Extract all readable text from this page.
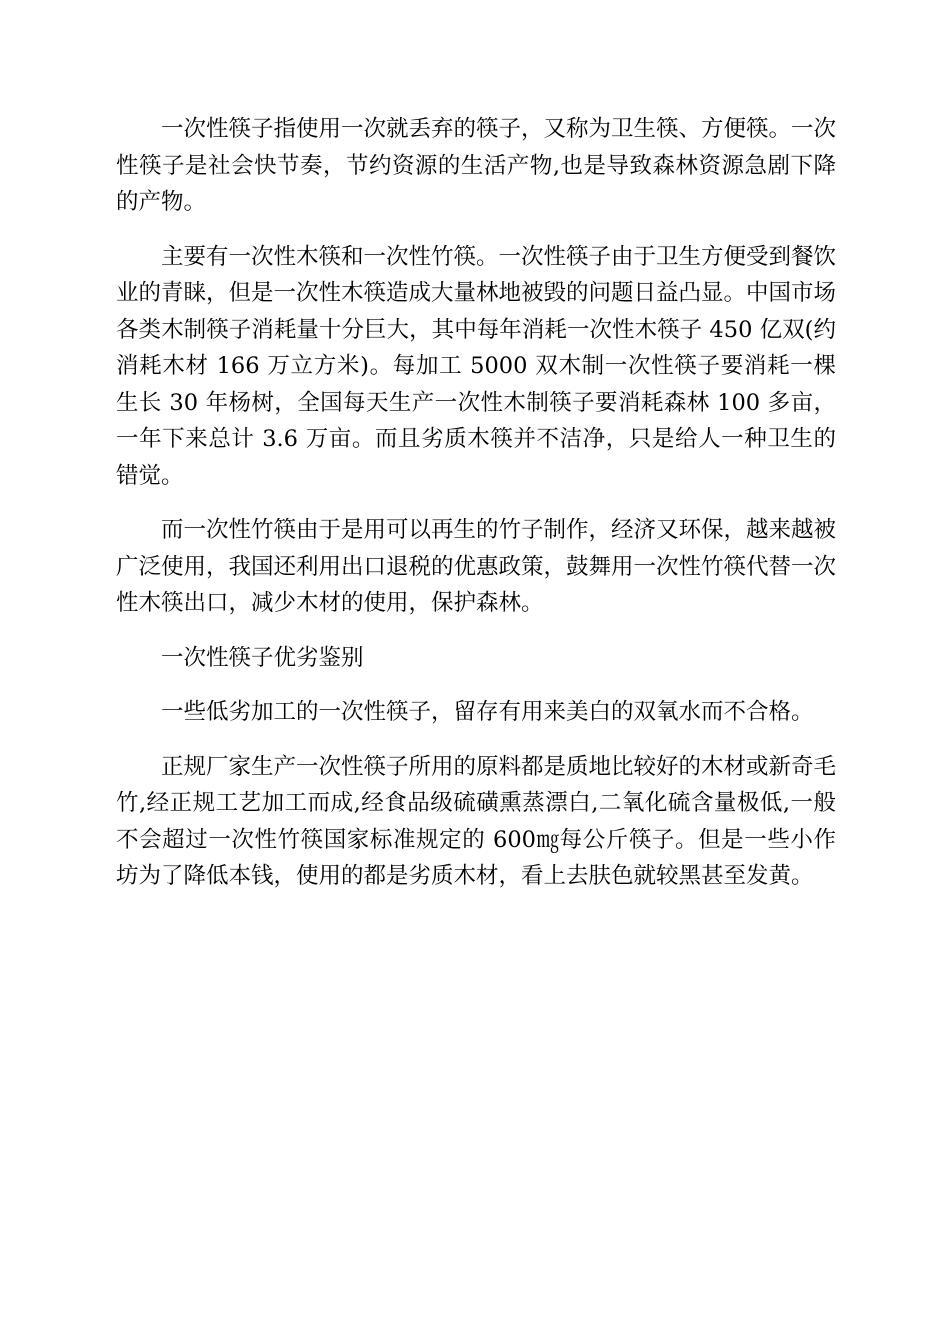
一次性筷子指使用一次就丢弃的筷子，又称为卫生筷、方便筷。一次性筷子是社会快节奏，节约资源的生活产物,也是导致森林资源急剧下降的产物。

主要有一次性木筷和一次性竹筷。一次性筷子由于卫生方便受到餐饮业的青睐，但是一次性木筷造成大量林地被毁的问题日益凸显。中国市场各类木制筷子消耗量十分巨大，其中每年消耗一次性木筷子 450 亿双(约消耗木材 166 万立方米)。每加工 5000 双木制一次性筷子要消耗一棵生长 30 年杨树，全国每天生产一次性木制筷子要消耗森林 100 多亩，一年下来总计 3.6 万亩。而且劣质木筷并不洁净，只是给人一种卫生的错觉。

而一次性竹筷由于是用可以再生的竹子制作，经济又环保，越来越被广泛使用，我国还利用出口退税的优惠政策，鼓舞用一次性竹筷代替一次性木筷出口，减少木材的使用，保护森林。

一次性筷子优劣鉴别

一些低劣加工的一次性筷子，留存有用来美白的双氧水而不合格。

正规厂家生产一次性筷子所用的原料都是质地比较好的木材或新奇毛竹,经正规工艺加工而成,经食品级硫磺熏蒸漂白,二氧化硫含量极低,一般不会超过一次性竹筷国家标准规定的 600㎎每公斤筷子。但是一些小作坊为了降低本钱，使用的都是劣质木材，看上去肤色就较黑甚至发黄。
